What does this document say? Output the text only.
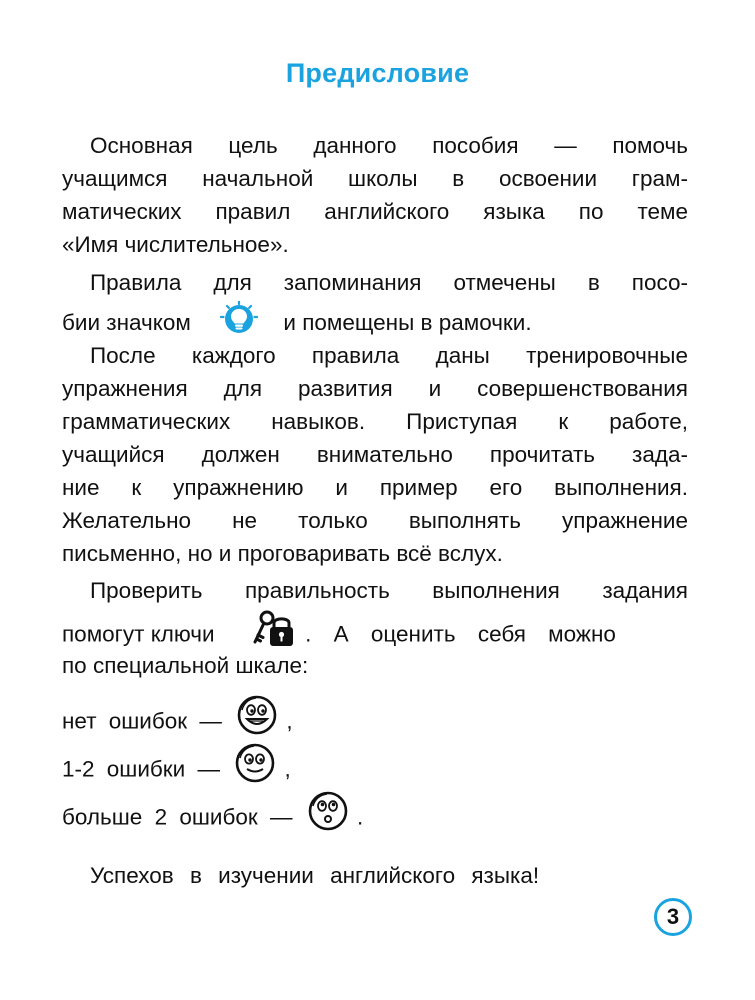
Предисловие
Основная цель данного пособия — помочь
учащимся начальной школы в освоении грам-
матических правил английского языка по теме
«Имя числительное».
Правила для запоминания отмечены в посо-
бии значком	и помещены в рамочки.
После каждого правила даны тренировочные
упражнения для развития и совершенствования
грамматических навыков. Приступая к работе,
учащийся должен внимательно прочитать зада-
ние к упражнению и пример его выполнения.
Желательно не только выполнять упражнение
письменно, но и проговаривать всё вслух.
Проверить правильность выполнения задания
помогут ключи	. А оценить себя можно
по специальной шкале:
нет ошибок —	,
1-2 ошибки —	,
больше 2 ошибок —	.
Успехов в изучении английского языка!
3
